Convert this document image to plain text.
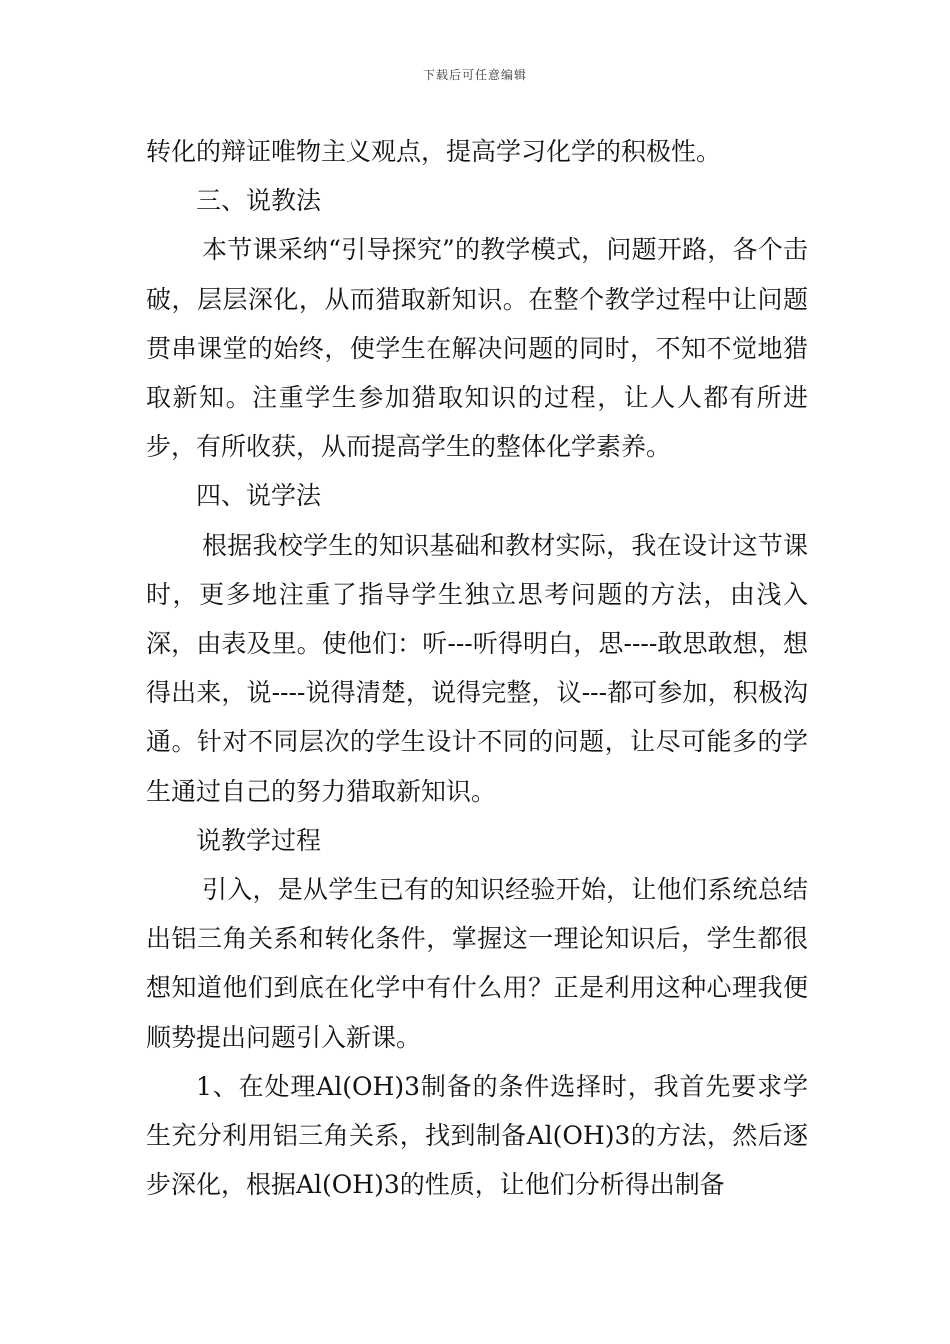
下载后可任意编辑

转化的辩证唯物主义观点，提高学习化学的积极性。

三、说教法

本节课采纳“引导探究”的教学模式，问题开路，各个击破，层层深化，从而猎取新知识。在整个教学过程中让问题贯串课堂的始终，使学生在解决问题的同时，不知不觉地猎取新知。注重学生参加猎取知识的过程，让人人都有所进步，有所收获，从而提高学生的整体化学素养。

四、说学法

根据我校学生的知识基础和教材实际，我在设计这节课时，更多地注重了指导学生独立思考问题的方法，由浅入深，由表及里。使他们：听---听得明白，思----敢思敢想，想得出来，说----说得清楚，说得完整，议---都可参加，积极沟通。针对不同层次的学生设计不同的问题，让尽可能多的学生通过自己的努力猎取新知识。

说教学过程

引入，是从学生已有的知识经验开始，让他们系统总结出铝三角关系和转化条件，掌握这一理论知识后，学生都很想知道他们到底在化学中有什么用？正是利用这种心理我便顺势提出问题引入新课。

1、在处理Al(OH)3制备的条件选择时，我首先要求学生充分利用铝三角关系，找到制备Al(OH)3的方法，然后逐步深化，根据Al(OH)3的性质，让他们分析得出制备
